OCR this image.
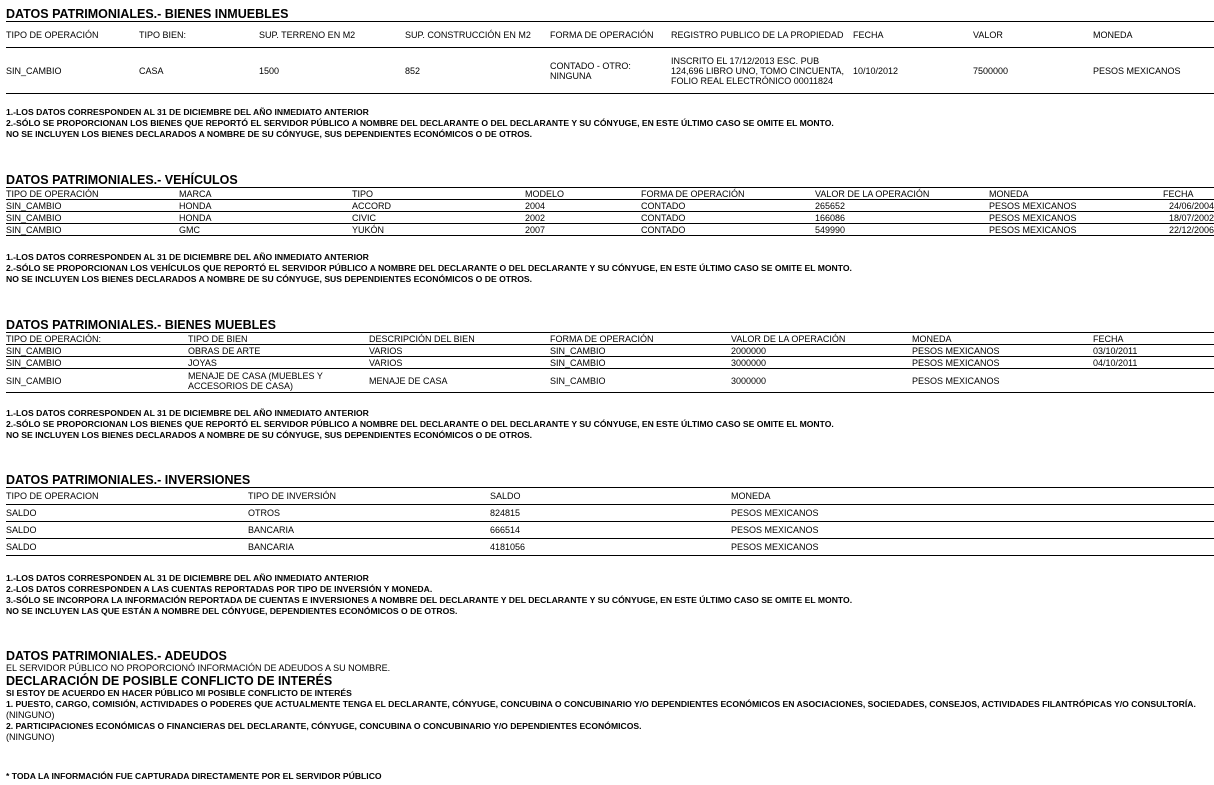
DATOS PATRIMONIALES.- BIENES INMUEBLES
TIPO DE OPERACIÓN	TIPO BIEN:	SUP. TERRENO EN M2	SUP. CONSTRUCCIÓN EN M2	FORMA DE OPERACIÓN	REGISTRO PUBLICO DE LA PROPIEDAD	FECHA	VALOR	MONEDA
SIN_CAMBIO	CASA	1500	852	CONTADO - OTRO: NINGUNA	INSCRITO EL 17/12/2013 ESC. PUB 124,696 LIBRO UNO, TOMO CINCUENTA, FOLIO REAL ELECTRÓNICO 00011824	10/10/2012	7500000	PESOS MEXICANOS
1.-LOS DATOS CORRESPONDEN AL 31 DE DICIEMBRE DEL AÑO INMEDIATO ANTERIOR
2.-SÓLO SE PROPORCIONAN LOS BIENES QUE REPORTÓ EL SERVIDOR PÚBLICO A NOMBRE DEL DECLARANTE O DEL DECLARANTE Y SU CÓNYUGE, EN ESTE ÚLTIMO CASO SE OMITE EL MONTO.
NO SE INCLUYEN LOS BIENES DECLARADOS A NOMBRE DE SU CÓNYUGE, SUS DEPENDIENTES ECONÓMICOS O DE OTROS.
DATOS PATRIMONIALES.- VEHÍCULOS
TIPO DE OPERACIÓN	MARCA	TIPO	MODELO	FORMA DE OPERACIÓN	VALOR DE LA OPERACIÓN	MONEDA	FECHA
SIN_CAMBIO	HONDA	ACCORD	2004	CONTADO	265652	PESOS MEXICANOS	24/06/2004
SIN_CAMBIO	HONDA	CIVIC	2002	CONTADO	166086	PESOS MEXICANOS	18/07/2002
SIN_CAMBIO	GMC	YUKÓN	2007	CONTADO	549990	PESOS MEXICANOS	22/12/2006
1.-LOS DATOS CORRESPONDEN AL 31 DE DICIEMBRE DEL AÑO INMEDIATO ANTERIOR
2.-SÓLO SE PROPORCIONAN LOS VEHÍCULOS QUE REPORTÓ EL SERVIDOR PÚBLICO A NOMBRE DEL DECLARANTE O DEL DECLARANTE Y SU CÓNYUGE, EN ESTE ÚLTIMO CASO SE OMITE EL MONTO.
NO SE INCLUYEN LOS BIENES DECLARADOS A NOMBRE DE SU CÓNYUGE, SUS DEPENDIENTES ECONÓMICOS O DE OTROS.
DATOS PATRIMONIALES.- BIENES MUEBLES
TIPO DE OPERACIÓN:	TIPO DE BIEN	DESCRIPCIÓN DEL BIEN	FORMA DE OPERACIÓN	VALOR DE LA OPERACIÓN	MONEDA	FECHA
SIN_CAMBIO	OBRAS DE ARTE	VARIOS	SIN_CAMBIO	2000000	PESOS MEXICANOS	03/10/2011
SIN_CAMBIO	JOYAS	VARIOS	SIN_CAMBIO	3000000	PESOS MEXICANOS	04/10/2011
SIN_CAMBIO	MENAJE DE CASA (MUEBLES Y ACCESORIOS DE CASA)	MENAJE DE CASA	SIN_CAMBIO	3000000	PESOS MEXICANOS	
1.-LOS DATOS CORRESPONDEN AL 31 DE DICIEMBRE DEL AÑO INMEDIATO ANTERIOR
2.-SÓLO SE PROPORCIONAN LOS BIENES QUE REPORTÓ EL SERVIDOR PÚBLICO A NOMBRE DEL DECLARANTE O DEL DECLARANTE Y SU CÓNYUGE, EN ESTE ÚLTIMO CASO SE OMITE EL MONTO.
NO SE INCLUYEN LOS BIENES DECLARADOS A NOMBRE DE SU CÓNYUGE, SUS DEPENDIENTES ECONÓMICOS O DE OTROS.
DATOS PATRIMONIALES.- INVERSIONES
TIPO DE OPERACION	TIPO DE INVERSIÓN	SALDO	MONEDA
SALDO	OTROS	824815	PESOS MEXICANOS
SALDO	BANCARIA	666514	PESOS MEXICANOS
SALDO	BANCARIA	4181056	PESOS MEXICANOS
1.-LOS DATOS CORRESPONDEN AL 31 DE DICIEMBRE DEL AÑO INMEDIATO ANTERIOR
2.-LOS DATOS CORRESPONDEN A LAS CUENTAS REPORTADAS POR TIPO DE INVERSIÓN Y MONEDA.
3.-SÓLO SE INCORPORA LA INFORMACIÓN REPORTADA DE CUENTAS E INVERSIONES A NOMBRE DEL DECLARANTE Y DEL DECLARANTE Y SU CÓNYUGE, EN ESTE ÚLTIMO CASO SE OMITE EL MONTO.
NO SE INCLUYEN LAS QUE ESTÁN A NOMBRE DEL CÓNYUGE, DEPENDIENTES ECONÓMICOS O DE OTROS.
DATOS PATRIMONIALES.- ADEUDOS
EL SERVIDOR PÚBLICO NO PROPORCIONÓ INFORMACIÓN DE ADEUDOS A SU NOMBRE.
DECLARACIÓN DE POSIBLE CONFLICTO DE INTERÉS
SI ESTOY DE ACUERDO EN HACER PÚBLICO MI POSIBLE CONFLICTO DE INTERÉS
1. PUESTO, CARGO, COMISIÓN, ACTIVIDADES O PODERES QUE ACTUALMENTE TENGA EL DECLARANTE, CÓNYUGE, CONCUBINA O CONCUBINARIO Y/O DEPENDIENTES ECONÓMICOS EN ASOCIACIONES, SOCIEDADES, CONSEJOS, ACTIVIDADES FILANTRÓPICAS Y/O CONSULTORÍA.
(NINGUNO)
2. PARTICIPACIONES ECONÓMICAS O FINANCIERAS DEL DECLARANTE, CÓNYUGE, CONCUBINA O CONCUBINARIO Y/O DEPENDIENTES ECONÓMICOS.
(NINGUNO)
* TODA LA INFORMACIÓN FUE CAPTURADA DIRECTAMENTE POR EL SERVIDOR PÚBLICO
